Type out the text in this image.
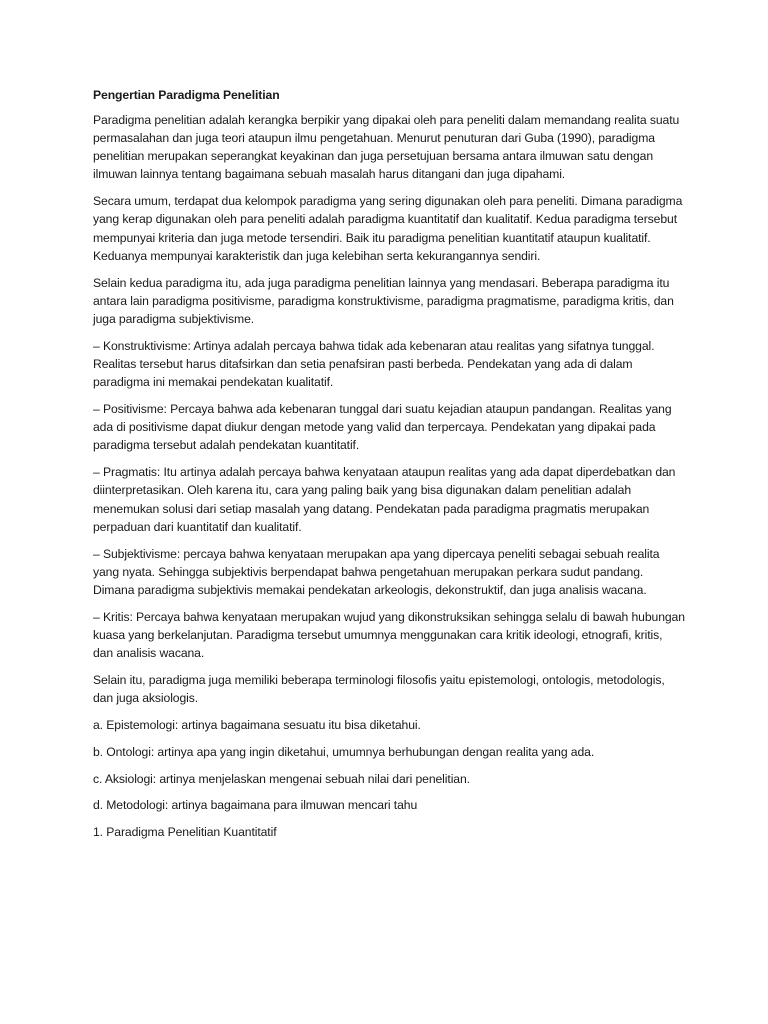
Pengertian Paradigma Penelitian

Paradigma penelitian adalah kerangka berpikir yang dipakai oleh para peneliti dalam memandang realita suatu permasalahan dan juga teori ataupun ilmu pengetahuan. Menurut penuturan dari Guba (1990), paradigma penelitian merupakan seperangkat keyakinan dan juga persetujuan bersama antara ilmuwan satu dengan ilmuwan lainnya tentang bagaimana sebuah masalah harus ditangani dan juga dipahami.

Secara umum, terdapat dua kelompok paradigma yang sering digunakan oleh para peneliti. Dimana paradigma yang kerap digunakan oleh para peneliti adalah paradigma kuantitatif dan kualitatif. Kedua paradigma tersebut mempunyai kriteria dan juga metode tersendiri. Baik itu paradigma penelitian kuantitatif ataupun kualitatif. Keduanya mempunyai karakteristik dan juga kelebihan serta kekurangannya sendiri.

Selain kedua paradigma itu, ada juga paradigma penelitian lainnya yang mendasari. Beberapa paradigma itu antara lain paradigma positivisme, paradigma konstruktivisme, paradigma pragmatisme, paradigma kritis, dan juga paradigma subjektivisme.

– Konstruktivisme: Artinya adalah percaya bahwa tidak ada kebenaran atau realitas yang sifatnya tunggal. Realitas tersebut harus ditafsirkan dan setia penafsiran pasti berbeda. Pendekatan yang ada di dalam paradigma ini memakai pendekatan kualitatif.

– Positivisme: Percaya bahwa ada kebenaran tunggal dari suatu kejadian ataupun pandangan. Realitas yang ada di positivisme dapat diukur dengan metode yang valid dan terpercaya. Pendekatan yang dipakai pada paradigma tersebut adalah pendekatan kuantitatif.

– Pragmatis: Itu artinya adalah percaya bahwa kenyataan ataupun realitas yang ada dapat diperdebatkan dan diinterpretasikan. Oleh karena itu, cara yang paling baik yang bisa digunakan dalam penelitian adalah menemukan solusi dari setiap masalah yang datang. Pendekatan pada paradigma pragmatis merupakan perpaduan dari kuantitatif dan kualitatif.

– Subjektivisme: percaya bahwa kenyataan merupakan apa yang dipercaya peneliti sebagai sebuah realita yang nyata. Sehingga subjektivis berpendapat bahwa pengetahuan merupakan perkara sudut pandang. Dimana paradigma subjektivis memakai pendekatan arkeologis, dekonstruktif, dan juga analisis wacana.

– Kritis: Percaya bahwa kenyataan merupakan wujud yang dikonstruksikan sehingga selalu di bawah hubungan kuasa yang berkelanjutan. Paradigma tersebut umumnya menggunakan cara kritik ideologi, etnografi, kritis, dan analisis wacana.

Selain itu, paradigma juga memiliki beberapa terminologi filosofis yaitu epistemologi, ontologis, metodologis, dan juga aksiologis.

a. Epistemologi: artinya bagaimana sesuatu itu bisa diketahui.

b. Ontologi: artinya apa yang ingin diketahui, umumnya berhubungan dengan realita yang ada.

c. Aksiologi: artinya menjelaskan mengenai sebuah nilai dari penelitian.

d. Metodologi: artinya bagaimana para ilmuwan mencari tahu

1. Paradigma Penelitian Kuantitatif
